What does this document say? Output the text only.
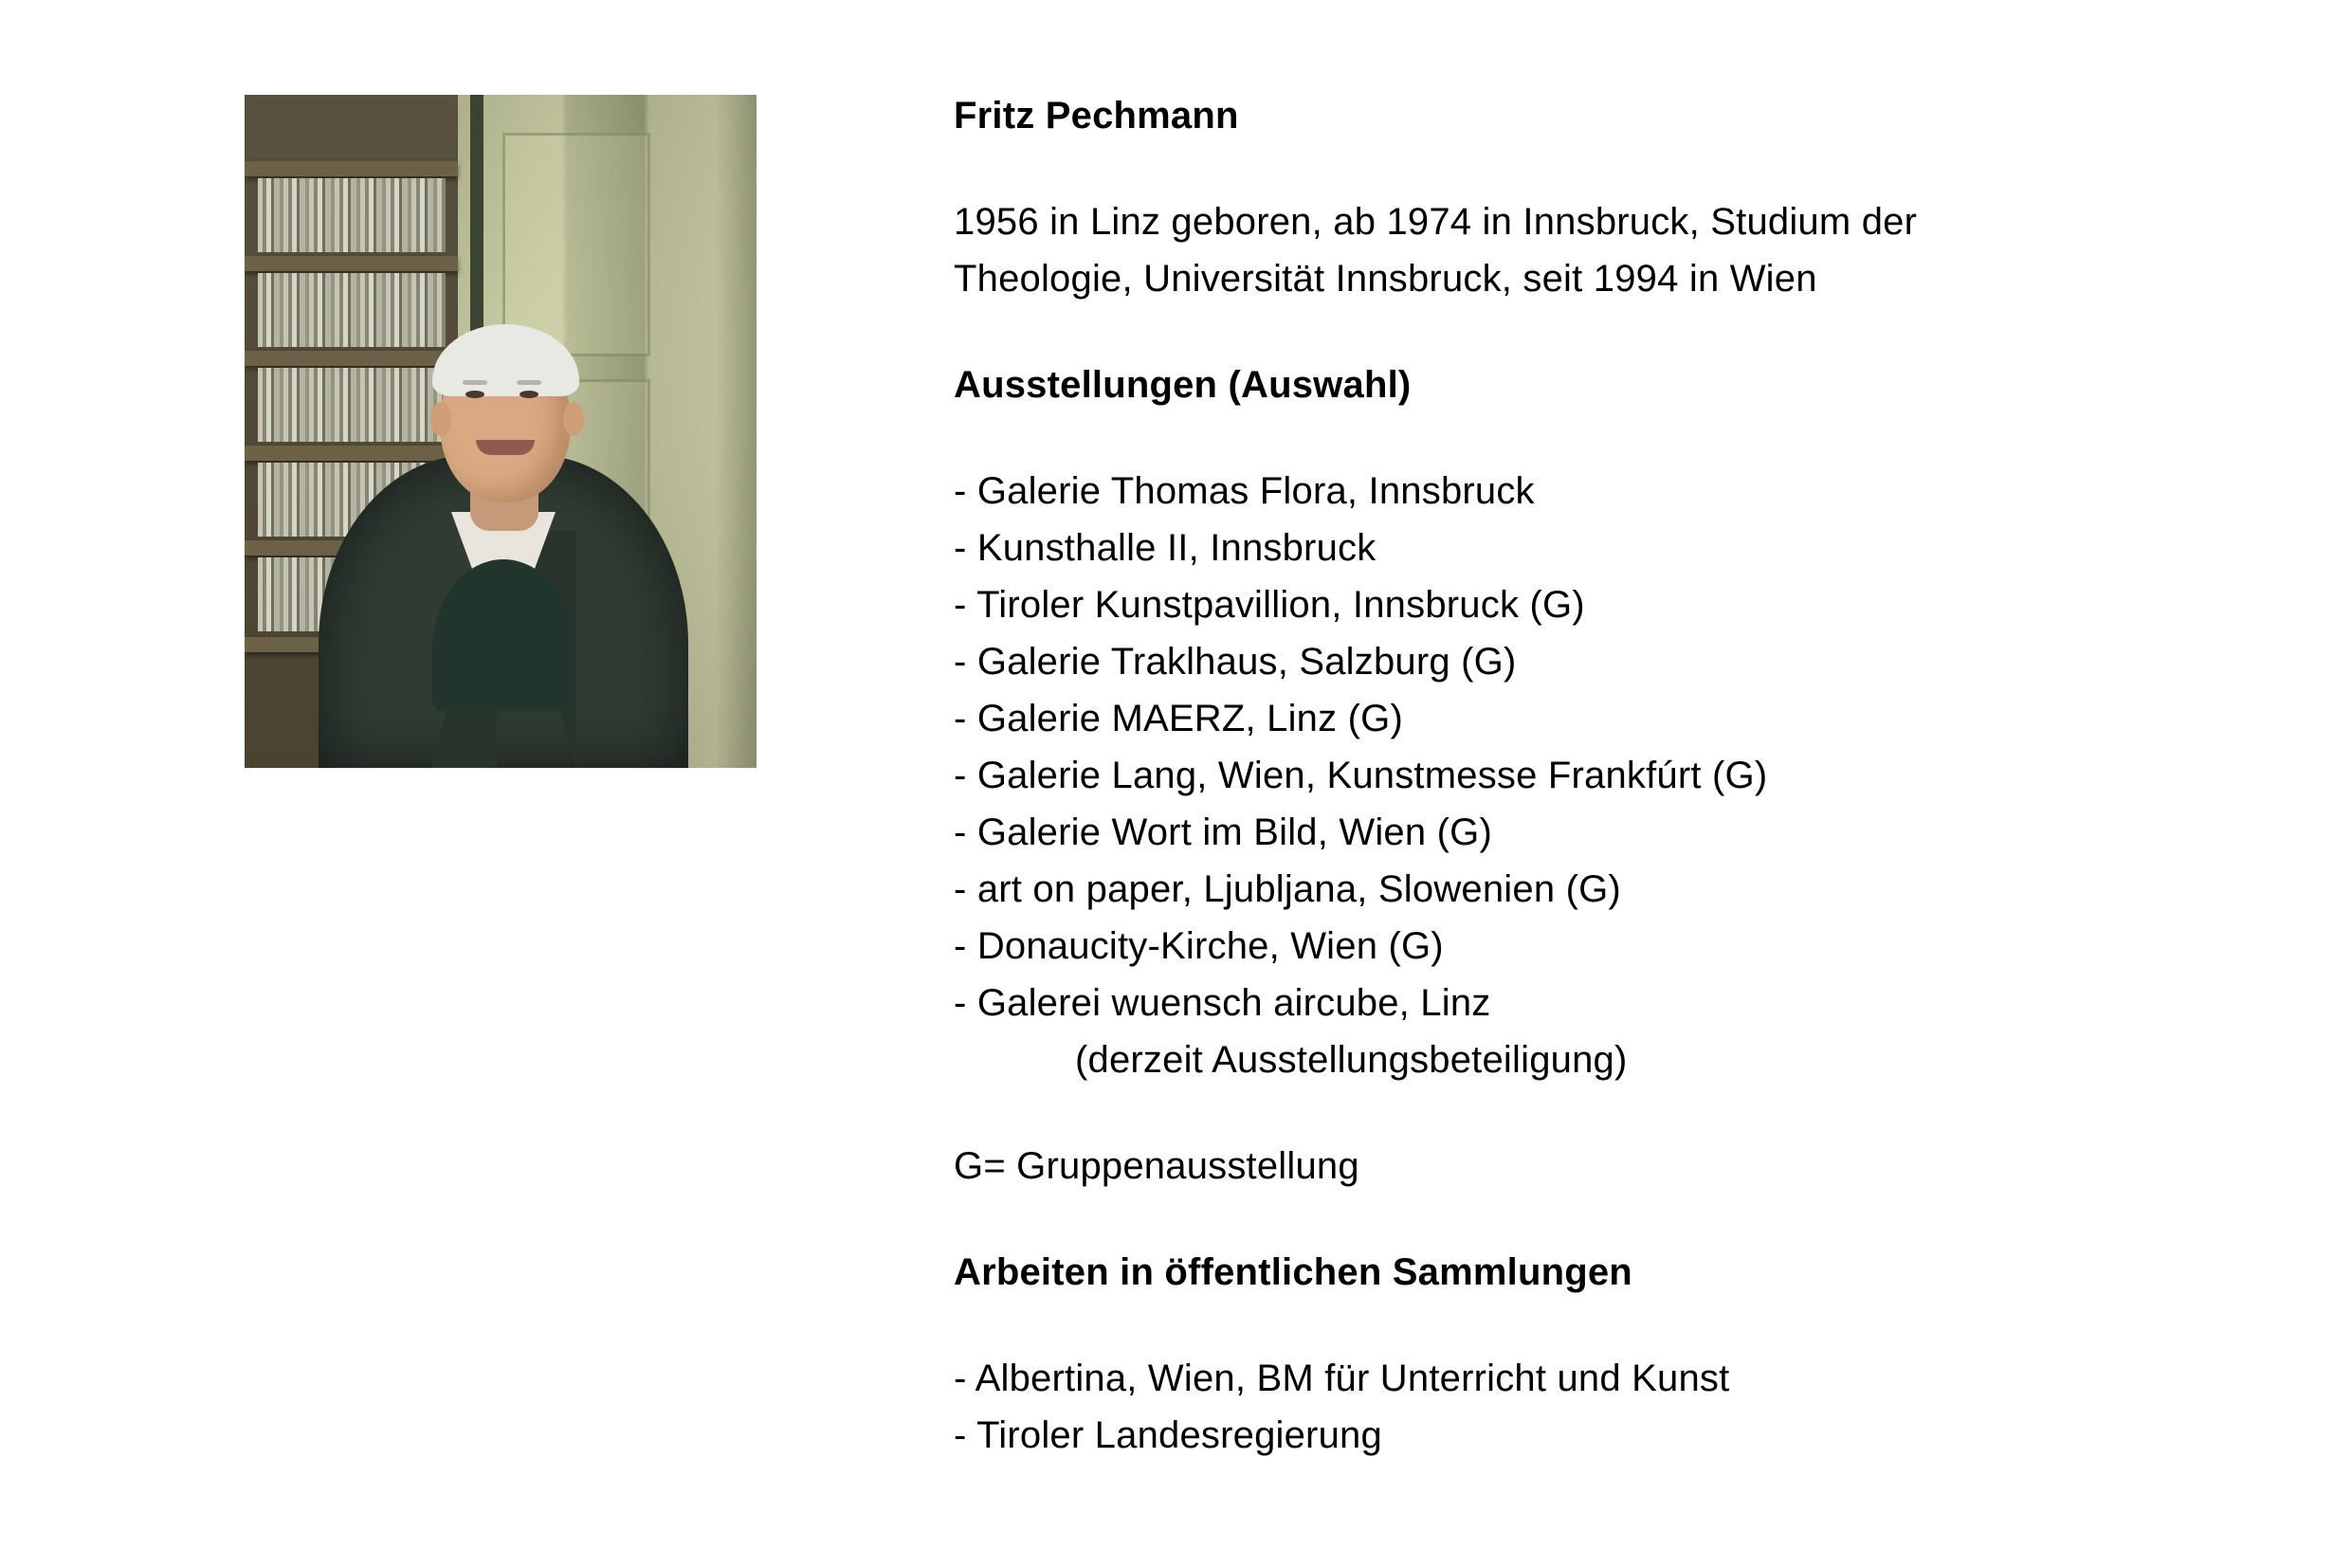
Fritz Pechmann
1956 in Linz geboren, ab 1974 in Innsbruck, Studium der
Theologie, Universität Innsbruck, seit 1994 in Wien
Ausstellungen (Auswahl)
- Galerie Thomas Flora, Innsbruck
- Kunsthalle II, Innsbruck
- Tiroler Kunstpavillion, Innsbruck (G)
- Galerie Traklhaus, Salzburg (G)
- Galerie MAERZ, Linz (G)
- Galerie Lang, Wien, Kunstmesse Frankfúrt (G)
- Galerie Wort im Bild, Wien (G)
- art on paper, Ljubljana, Slowenien (G)
- Donaucity-Kirche, Wien (G)
- Galerei wuensch aircube, Linz
(derzeit Ausstellungsbeteiligung)
G= Gruppenausstellung
Arbeiten in öffentlichen Sammlungen
- Albertina, Wien, BM für Unterricht und Kunst
- Tiroler Landesregierung
